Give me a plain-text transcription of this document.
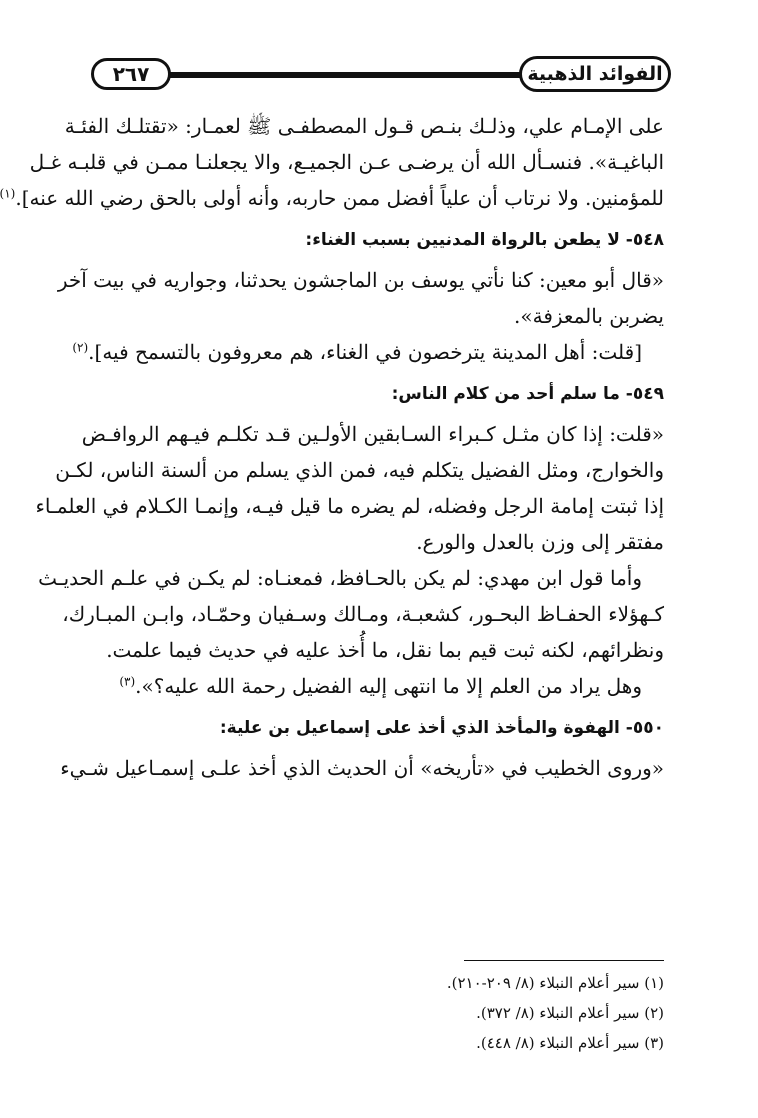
الفوائد الذهبية
٢٦٧
على الإمـام علي، وذلـك بنـص قـول المصطفـى ﷺ لعمـار: «تقتلـك الفئـة
الباغيـة». فنسـأل الله أن يرضـى عـن الجميـع، والا يجعلنـا ممـن في قلبـه غـل
للمؤمنين. ولا نرتاب أن علياً أفضل ممن حاربه، وأنه أولى بالحق رضي الله عنه].$^{(١}$
٥٤٨- لا يطعن بالرواة المدنيين بسبب الغناء:
«قال أبو معين: كنا نأتي يوسف بن الماجشون يحدثنا، وجواريه في بيت آخر
يضربن بالمعزفة».
[قلت: أهل المدينة يترخصون في الغناء، هم معروفون بالتسمح فيه].$^{(٢)}$
٥٤٩- ما سلم أحد من كلام الناس:
«قلت: إذا كان مثـل كـبراء السـابقين الأولـين قـد تكلـم فيـهم الروافـض
والخوارج، ومثل الفضيل يتكلم فيه، فمن الذي يسلم من ألسنة الناس، لكـن
إذا ثبتت إمامة الرجل وفضله، لم يضره ما قيل فيـه، وإنمـا الكـلام في العلمـاء
مفتقر إلى وزن بالعدل والورع.
وأما قول ابن مهدي: لم يكن بالحـافظ، فمعنـاه: لم يكـن في علـم الحديـث
كـهؤلاء الحفـاظ البحـور، كشعبـة، ومـالك وسـفيان وحمّـاد، وابـن المبـارك،
ونظرائهم، لكنه ثبت قيم بما نقل، ما أُخذ عليه في حديث فيما علمت.
وهل يراد من العلم إلا ما انتهى إليه الفضيل رحمة الله عليه؟».$^{(٣)}$
٥٥٠- الهفوة والمأخذ الذي أخذ على إسماعيل بن علية:
«وروى الخطيب في «تأريخه» أن الحديث الذي أخذ علـى إسمـاعيل شـيء
(١) سير أعلام النبلاء (٨/ ٢٠٩-٢١٠).
(٢) سير أعلام النبلاء (٨/ ٣٧٢).
(٣) سير أعلام النبلاء (٨/ ٤٤٨).
